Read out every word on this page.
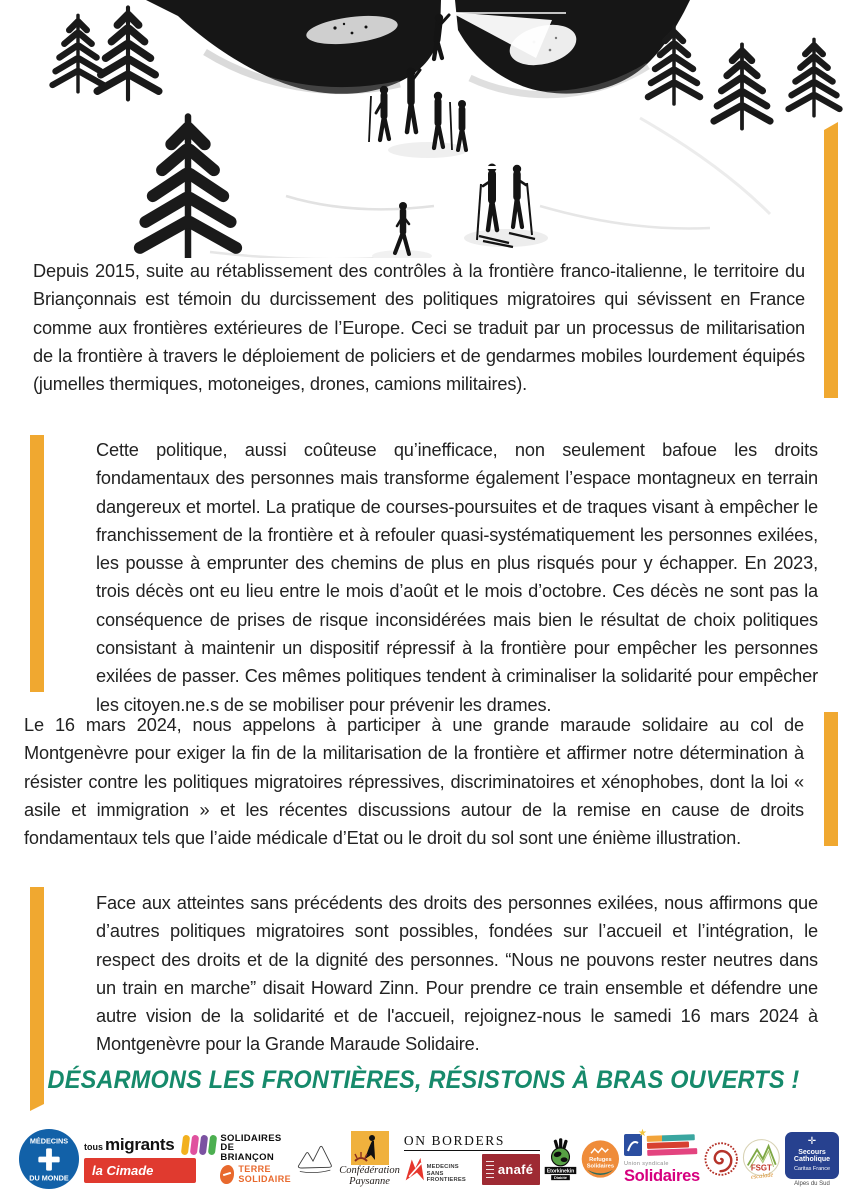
Depuis 2015, suite au rétablissement des contrôles à la frontière franco-italienne, le territoire du Briançonnais est témoin du durcissement des politiques migratoires qui sévissent en France comme aux frontières extérieures de l’Europe. Ceci se traduit par un processus de militarisation de la frontière à travers le déploiement de policiers et de gendarmes mobiles lourdement équipés (jumelles thermiques, motoneiges, drones, camions militaires).

Cette politique, aussi coûteuse qu’inefficace, non seulement bafoue les droits fondamentaux des personnes mais transforme également l’espace montagneux en terrain dangereux et mortel. La pratique de courses-poursuites et de traques visant à empêcher le franchissement de la frontière et à refouler quasi-systématiquement les personnes exilées, les pousse à emprunter des chemins de plus en plus risqués pour y échapper. En 2023, trois décès ont eu lieu entre le mois d’août et le mois d’octobre. Ces décès ne sont pas la conséquence de prises de risque inconsidérées mais bien le résultat de choix politiques consistant à maintenir un dispositif répressif à la frontière pour empêcher les personnes exilées de passer. Ces mêmes politiques tendent à criminaliser la solidarité pour empêcher les citoyen.ne.s de se mobiliser pour prévenir les drames.

Le 16 mars 2024, nous appelons à participer à une grande maraude solidaire au col de Montgenèvre pour exiger la fin de la militarisation de la frontière et affirmer notre détermination à résister contre les politiques migratoires répressives, discriminatoires et xénophobes, dont la loi « asile et immigration » et les récentes discussions autour de la remise en cause de droits fondamentaux tels que l’aide médicale d’Etat ou le droit du sol sont une énième illustration.

Face aux atteintes sans précédents des droits des personnes exilées, nous affirmons que d’autres politiques migratoires sont possibles, fondées sur l’accueil et l’intégration, le respect des droits et de la dignité des personnes. “Nous ne pouvons rester neutres dans un train en marche” disait Howard Zinn. Pour prendre ce train ensemble et défendre une autre vision de la solidarité et de l'accueil, rejoignez-nous le samedi 16 mars 2024 à Montgenèvre pour la Grande Maraude Solidaire.

DÉSARMONS LES FRONTIÈRES, RÉSISTONS À BRAS OUVERTS !
MÉDECINS
DU MONDE
tous migrants
la Cimade
SOLIDAIRES
DE
BRIANÇON
TERRE
SOLIDAIRE
Confédération
Paysanne
ON BORDERS
MEDECINS
SANS FRONTIERES
anafé Etorkinekin
Diakité
Refuges
Solidaires
★
Union syndicale
Solidaires	FSGT
escalade
✛
Secours
Catholique
Caritas France
Alpes du Sud
